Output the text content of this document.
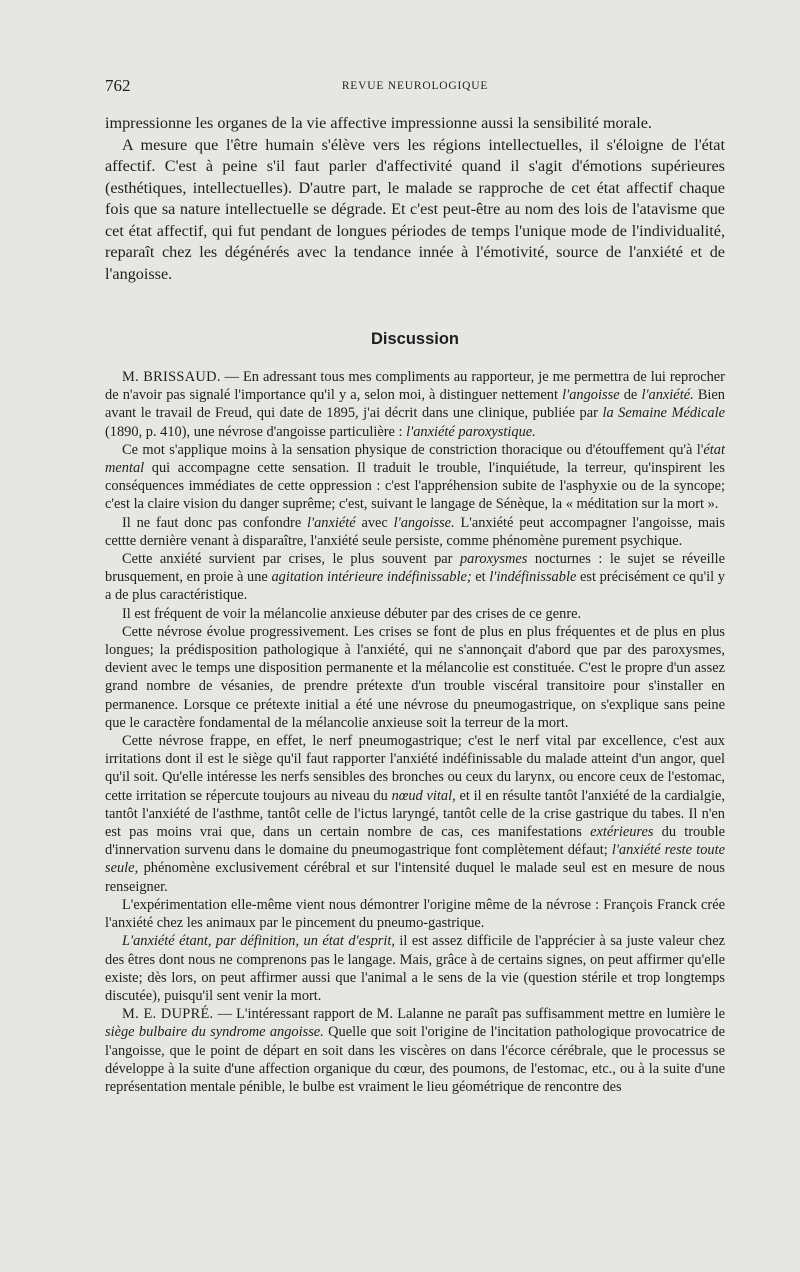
762	REVUE NEUROLOGIQUE

impressionne les organes de la vie affective impressionne aussi la sensibilité morale.

A mesure que l'être humain s'élève vers les régions intellectuelles, il s'éloigne de l'état affectif. C'est à peine s'il faut parler d'affectivité quand il s'agit d'émotions supérieures (esthétiques, intellectuelles). D'autre part, le malade se rapproche de cet état affectif chaque fois que sa nature intellectuelle se dégrade. Et c'est peut-être au nom des lois de l'atavisme que cet état affectif, qui fut pendant de longues périodes de temps l'unique mode de l'individualité, reparaît chez les dégénérés avec la tendance innée à l'émotivité, source de l'anxiété et de l'angoisse.

Discussion

M. BRISSAUD. — En adressant tous mes compliments au rapporteur, je me permettra de lui reprocher de n'avoir pas signalé l'importance qu'il y a, selon moi, à distinguer nettement l'angoisse de l'anxiété. Bien avant le travail de Freud, qui date de 1895, j'ai décrit dans une clinique, publiée par la Semaine Médicale (1890, p. 410), une névrose d'angoisse particulière : l'anxiété paroxystique.

Ce mot s'applique moins à la sensation physique de constriction thoracique ou d'étouffement qu'à l'état mental qui accompagne cette sensation. Il traduit le trouble, l'inquiétude, la terreur, qu'inspirent les conséquences immédiates de cette oppression : c'est l'appréhension subite de l'asphyxie ou de la syncope; c'est la claire vision du danger suprême; c'est, suivant le langage de Sénèque, la « méditation sur la mort ».

Il ne faut donc pas confondre l'anxiété avec l'angoisse. L'anxiété peut accompagner l'angoisse, mais cettte dernière venant à disparaître, l'anxiété seule persiste, comme phénomène purement psychique.

Cette anxiété survient par crises, le plus souvent par paroxysmes nocturnes : le sujet se réveille brusquement, en proie à une agitation intérieure indéfinissable; et l'indéfinissable est précisément ce qu'il y a de plus caractéristique.

Il est fréquent de voir la mélancolie anxieuse débuter par des crises de ce genre.

Cette névrose évolue progressivement. Les crises se font de plus en plus fréquentes et de plus en plus longues; la prédisposition pathologique à l'anxiété, qui ne s'annonçait d'abord que par des paroxysmes, devient avec le temps une disposition permanente et la mélancolie est constituée. C'est le propre d'un assez grand nombre de vésanies, de prendre prétexte d'un trouble viscéral transitoire pour s'installer en permanence. Lorsque ce prétexte initial a été une névrose du pneumogastrique, on s'explique sans peine que le caractère fondamental de la mélancolie anxieuse soit la terreur de la mort.

Cette névrose frappe, en effet, le nerf pneumogastrique; c'est le nerf vital par excellence, c'est aux irritations dont il est le siège qu'il faut rapporter l'anxiété indéfinissable du malade atteint d'un angor, quel qu'il soit. Qu'elle intéresse les nerfs sensibles des bronches ou ceux du larynx, ou encore ceux de l'estomac, cette irritation se répercute toujours au niveau du nœud vital, et il en résulte tantôt l'anxiété de la cardialgie, tantôt l'anxiété de l'asthme, tantôt celle de l'ictus laryngé, tantôt celle de la crise gastrique du tabes. Il n'en est pas moins vrai que, dans un certain nombre de cas, ces manifestations extérieures du trouble d'innervation survenu dans le domaine du pneumogastrique font complètement défaut; l'anxiété reste toute seule, phénomène exclusivement cérébral et sur l'intensité duquel le malade seul est en mesure de nous renseigner.

L'expérimentation elle-même vient nous démontrer l'origine même de la névrose : François Franck crée l'anxiété chez les animaux par le pincement du pneumo-gastrique.

L'anxiété étant, par définition, un état d'esprit, il est assez difficile de l'apprécier à sa juste valeur chez des êtres dont nous ne comprenons pas le langage. Mais, grâce à de certains signes, on peut affirmer qu'elle existe; dès lors, on peut affirmer aussi que l'animal a le sens de la vie (question stérile et trop longtemps discutée), puisqu'il sent venir la mort.

M. E. DUPRÉ. — L'intéressant rapport de M. Lalanne ne paraît pas suffisamment mettre en lumière le siège bulbaire du syndrome angoisse. Quelle que soit l'origine de l'incitation pathologique provocatrice de l'angoisse, que le point de départ en soit dans les viscères on dans l'écorce cérébrale, que le processus se développe à la suite d'une affection organique du cœur, des poumons, de l'estomac, etc., ou à la suite d'une représentation mentale pénible, le bulbe est vraiment le lieu géométrique de rencontre des
